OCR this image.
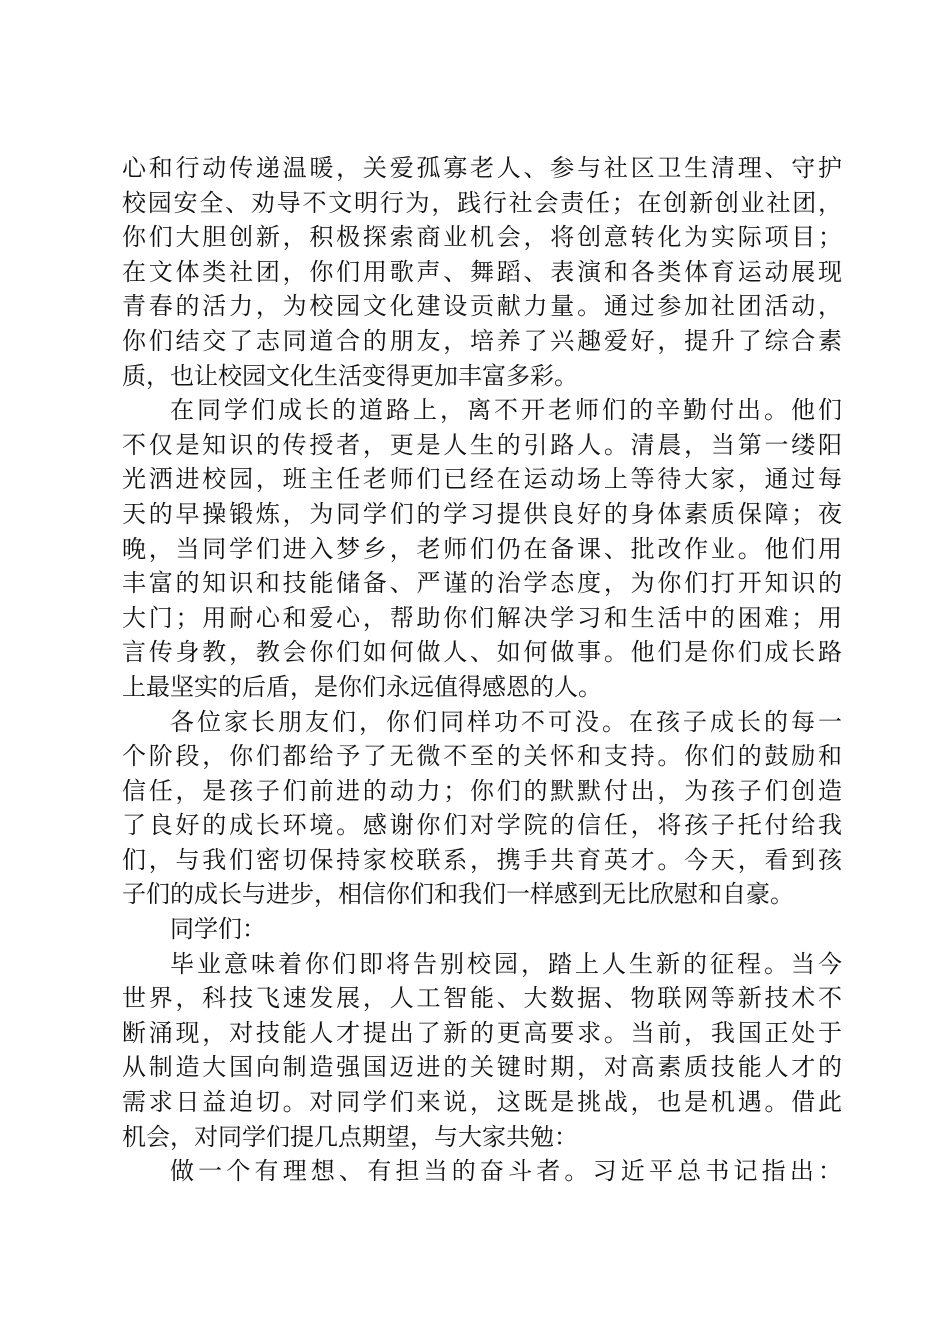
心和行动传递温暖，关爱孤寡老人、参与社区卫生清理、守护
校园安全、劝导不文明行为，践行社会责任；在创新创业社团，
你们大胆创新，积极探索商业机会，将创意转化为实际项目；
在文体类社团，你们用歌声、舞蹈、表演和各类体育运动展现
青春的活力，为校园文化建设贡献力量。通过参加社团活动，
你们结交了志同道合的朋友，培养了兴趣爱好，提升了综合素
质，也让校园文化生活变得更加丰富多彩。
在同学们成长的道路上，离不开老师们的辛勤付出。他们
不仅是知识的传授者，更是人生的引路人。清晨，当第一缕阳
光洒进校园，班主任老师们已经在运动场上等待大家，通过每
天的早操锻炼，为同学们的学习提供良好的身体素质保障；夜
晚，当同学们进入梦乡，老师们仍在备课、批改作业。他们用
丰富的知识和技能储备、严谨的治学态度，为你们打开知识的
大门；用耐心和爱心，帮助你们解决学习和生活中的困难；用
言传身教，教会你们如何做人、如何做事。他们是你们成长路
上最坚实的后盾，是你们永远值得感恩的人。
各位家长朋友们，你们同样功不可没。在孩子成长的每一
个阶段，你们都给予了无微不至的关怀和支持。你们的鼓励和
信任，是孩子们前进的动力；你们的默默付出，为孩子们创造
了良好的成长环境。感谢你们对学院的信任，将孩子托付给我
们，与我们密切保持家校联系，携手共育英才。今天，看到孩
子们的成长与进步，相信你们和我们一样感到无比欣慰和自豪。
同学们：
毕业意味着你们即将告别校园，踏上人生新的征程。当今
世界，科技飞速发展，人工智能、大数据、物联网等新技术不
断涌现，对技能人才提出了新的更高要求。当前，我国正处于
从制造大国向制造强国迈进的关键时期，对高素质技能人才的
需求日益迫切。对同学们来说，这既是挑战，也是机遇。借此
机会，对同学们提几点期望，与大家共勉：
做一个有理想、有担当的奋斗者。习近平总书记指出：
